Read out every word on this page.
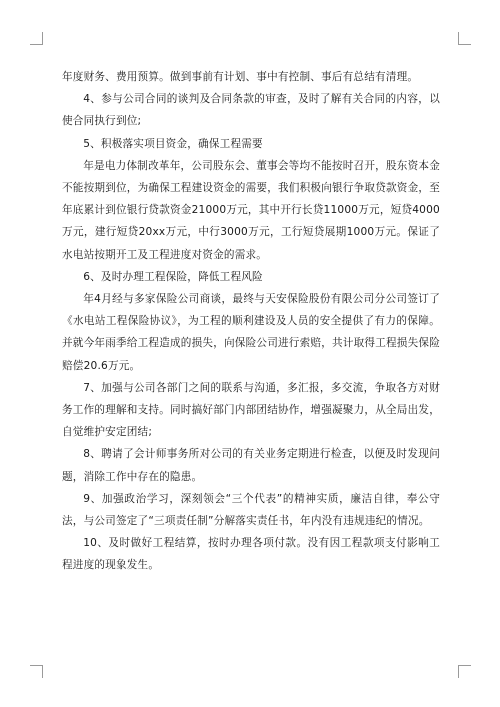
年度财务、费用预算。做到事前有计划、事中有控制、事后有总结有清理。

4、参与公司合同的谈判及合同条款的审查，及时了解有关合同的内容，以使合同执行到位;

5、积极落实项目资金，确保工程需要

年是电力体制改革年，公司股东会、董事会等均不能按时召开，股东资本金不能按期到位，为确保工程建设资金的需要，我们积极向银行争取贷款资金，至年底累计到位银行贷款资金21000万元，其中开行长贷11000万元，短贷4000万元，建行短贷20xx万元，中行3000万元，工行短贷展期1000万元。保证了水电站按期开工及工程进度对资金的需求。

6、及时办理工程保险，降低工程风险

年4月经与多家保险公司商谈，最终与天安保险股份有限公司分公司签订了《水电站工程保险协议》，为工程的顺利建设及人员的安全提供了有力的保障。并就今年雨季给工程造成的损失，向保险公司进行索赔，共计取得工程损失保险赔偿20.6万元。

7、加强与公司各部门之间的联系与沟通，多汇报，多交流，争取各方对财务工作的理解和支持。同时搞好部门内部团结协作，增强凝聚力，从全局出发，自觉维护安定团结;

8、聘请了会计师事务所对公司的有关业务定期进行检查，以便及时发现问题，消除工作中存在的隐患。

9、加强政治学习，深刻领会“三个代表”的精神实质，廉洁自律，奉公守法，与公司签定了“三项责任制”分解落实责任书，年内没有违规违纪的情况。

10、及时做好工程结算，按时办理各项付款。没有因工程款项支付影响工程进度的现象发生。
